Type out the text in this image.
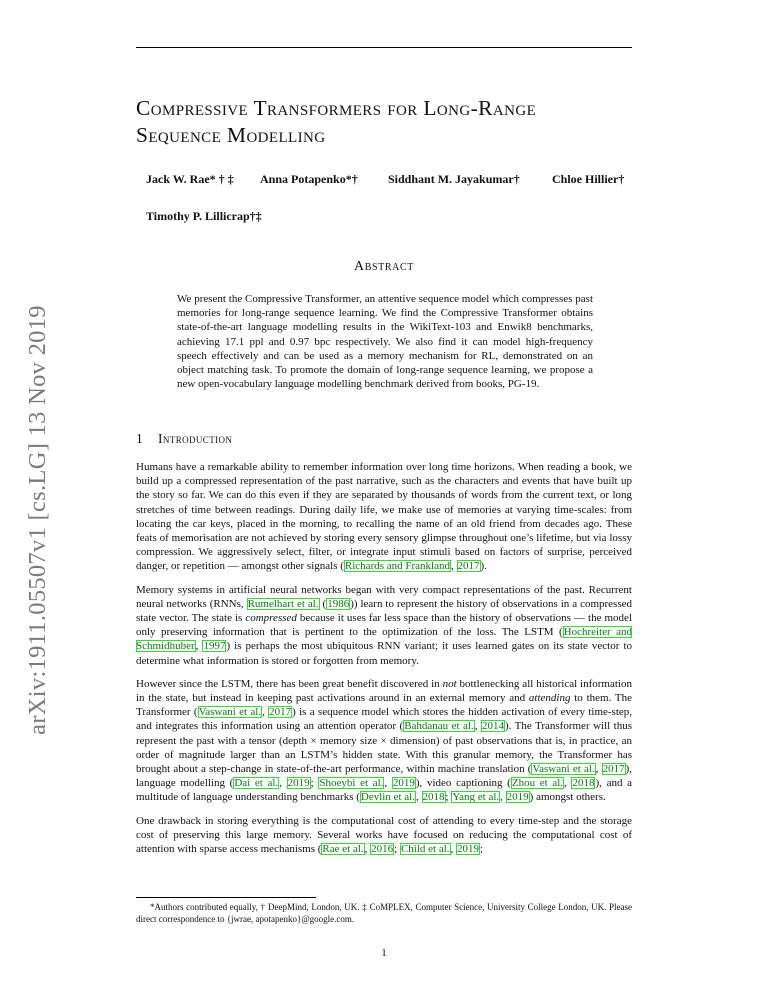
arXiv:1911.05507v1 [cs.LG] 13 Nov 2019
Compressive Transformers for Long-Range
Sequence Modelling
Jack W. Rae* † ‡ Anna Potapenko*†	Siddhant M. Jayakumar†	Chloe Hillier†
Timothy P. Lillicrap†‡
Abstract
We present the Compressive Transformer, an attentive sequence model which compresses past memories for long-range sequence learning. We find the Compressive Transformer obtains state-of-the-art language modelling results in the WikiText-103 and Enwik8 benchmarks, achieving 17.1 ppl and 0.97 bpc respectively. We also find it can model high-frequency speech effectively and can be used as a memory mechanism for RL, demonstrated on an object matching task. To promote the domain of long-range sequence learning, we propose a new open-vocabulary language modelling benchmark derived from books, PG-19.
1 Introduction

Humans have a remarkable ability to remember information over long time horizons. When reading a book, we build up a compressed representation of the past narrative, such as the characters and events that have built up the story so far. We can do this even if they are separated by thousands of words from the current text, or long stretches of time between readings. During daily life, we make use of memories at varying time-scales: from locating the car keys, placed in the morning, to recalling the name of an old friend from decades ago. These feats of memorisation are not achieved by storing every sensory glimpse throughout one’s lifetime, but via lossy compression. We aggressively select, filter, or integrate input stimuli based on factors of surprise, perceived danger, or repetition — amongst other signals (Richards and Frankland, 2017).

Memory systems in artificial neural networks began with very compact representations of the past. Recurrent neural networks (RNNs, Rumelhart et al. (1986)) learn to represent the history of observations in a compressed state vector. The state is compressed because it uses far less space than the history of observations — the model only preserving information that is pertinent to the optimization of the loss. The LSTM (Hochreiter and Schmidhuber, 1997) is perhaps the most ubiquitous RNN variant; it uses learned gates on its state vector to determine what information is stored or forgotten from memory.

However since the LSTM, there has been great benefit discovered in not bottlenecking all historical information in the state, but instead in keeping past activations around in an external memory and attending to them. The Transformer (Vaswani et al., 2017) is a sequence model which stores the hidden activation of every time-step, and integrates this information using an attention operator (Bahdanau et al., 2014). The Transformer will thus represent the past with a tensor (depth × memory size × dimension) of past observations that is, in practice, an order of magnitude larger than an LSTM’s hidden state. With this granular memory, the Transformer has brought about a step-change in state-of-the-art performance, within machine translation (Vaswani et al., 2017), language modelling (Dai et al., 2019; Shoeybi et al., 2019), video captioning (Zhou et al., 2018), and a multitude of language understanding benchmarks (Devlin et al., 2018; Yang et al., 2019) amongst others.

One drawback in storing everything is the computational cost of attending to every time-step and the storage cost of preserving this large memory. Several works have focused on reducing the computational cost of attention with sparse access mechanisms (Rae et al., 2016; Child et al., 2019;

*Authors contributed equally, † DeepMind, London, UK. ‡ CoMPLEX, Computer Science, University College London, UK. Please direct correspondence to {jwrae, apotapenko}@google.com.
1
